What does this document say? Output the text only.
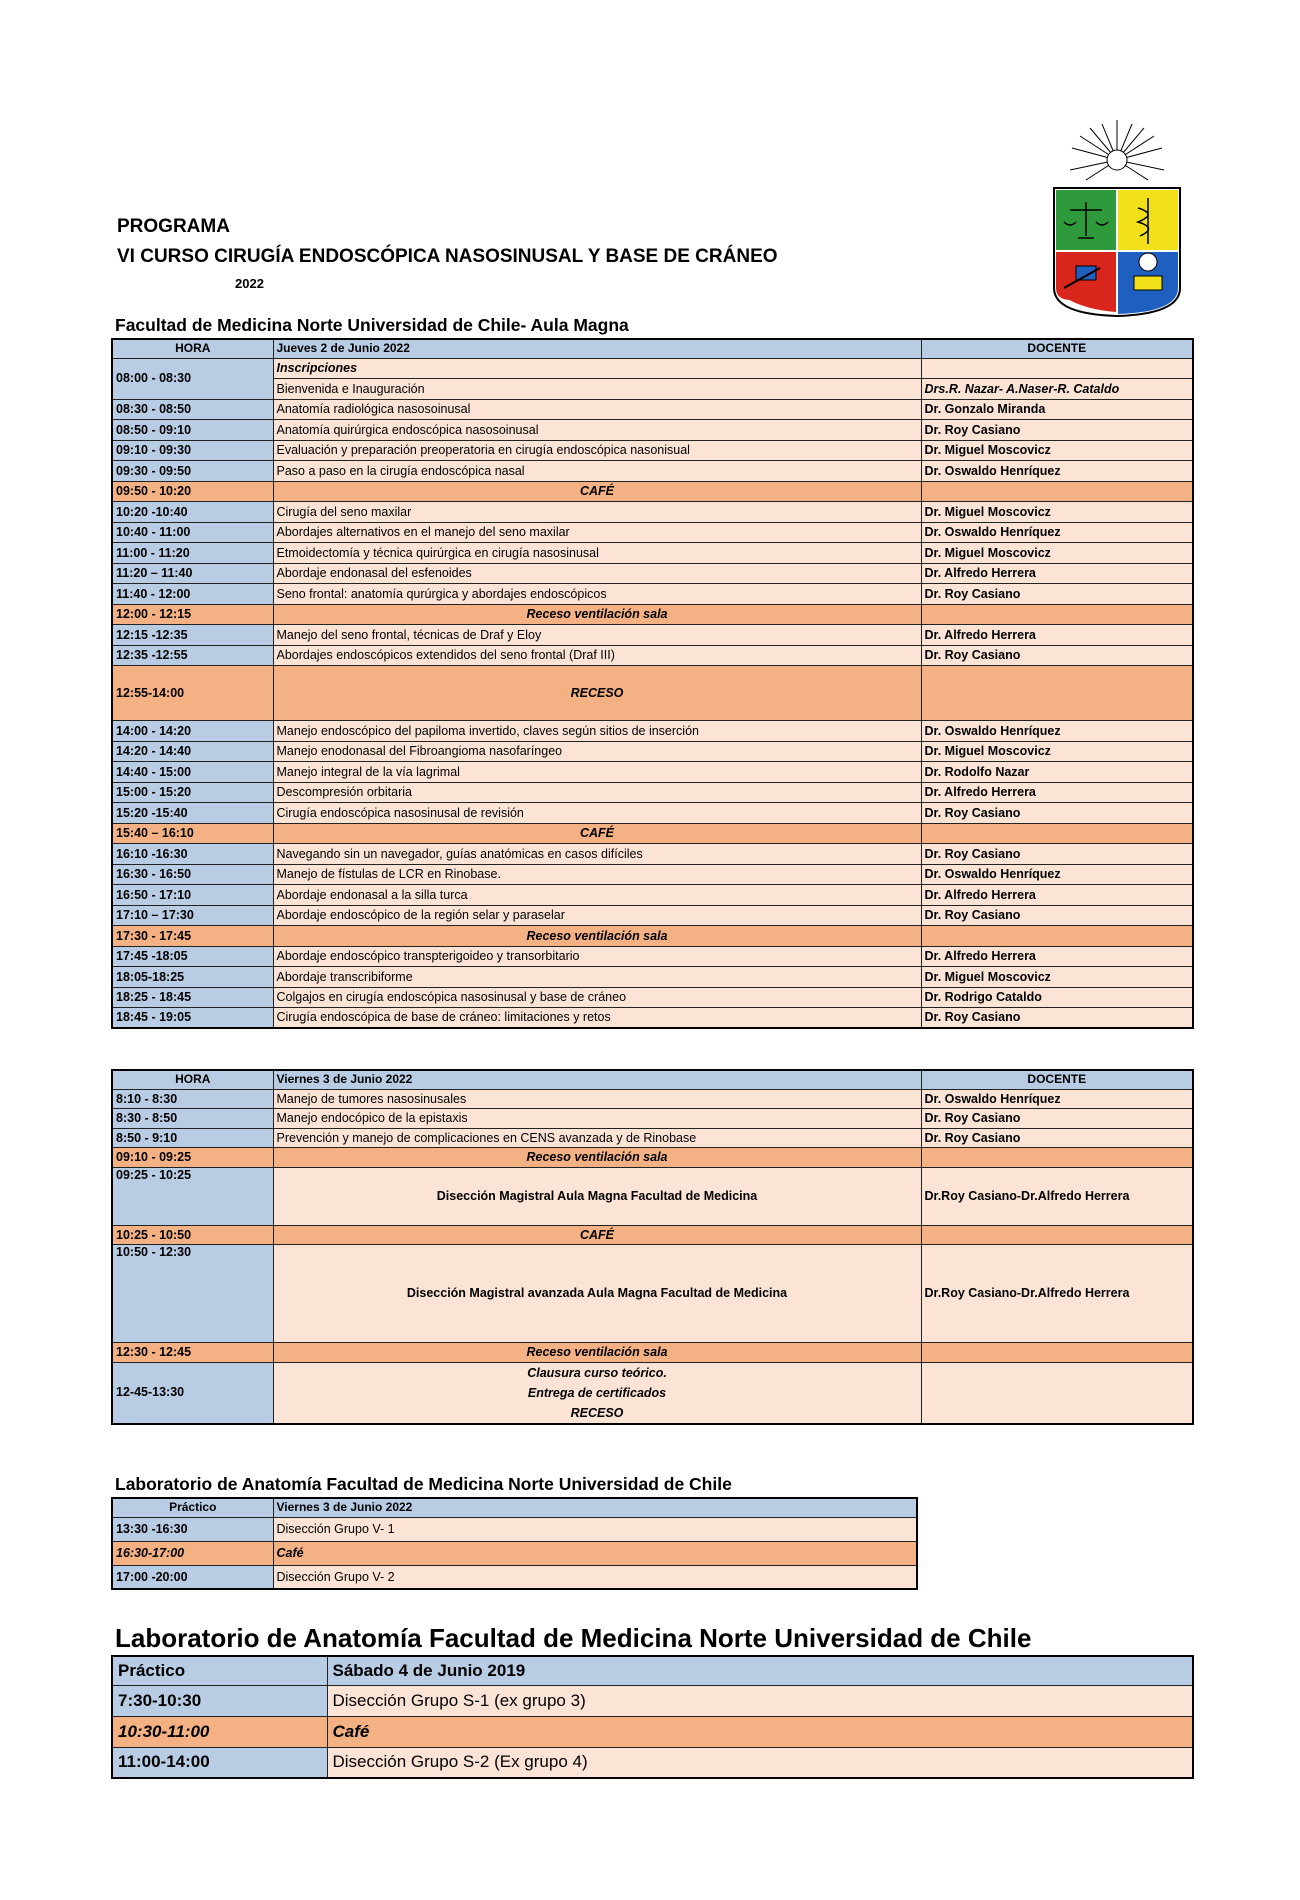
PROGRAMA
VI CURSO CIRUGÍA ENDOSCÓPICA NASOSINUSAL Y BASE DE CRÁNEO
2022
Facultad de Medicina Norte Universidad de Chile- Aula Magna
HORA	Jueves 2 de Junio 2022	DOCENTE
08:00 - 08:30	Inscripciones	
	Bienvenida e Inauguración	Drs.R. Nazar- A.Naser-R. Cataldo
08:30 - 08:50	Anatomía radiológica nasosoinusal	Dr. Gonzalo Miranda
08:50 - 09:10	Anatomía quirúrgica endoscópica nasosoinusal	Dr. Roy Casiano
09:10 - 09:30	Evaluación y preparación preoperatoria en cirugía endoscópica nasonisual	Dr. Miguel Moscovicz
09:30 - 09:50	Paso a paso en la cirugía endoscópica nasal	Dr. Oswaldo Henríquez
09:50 - 10:20	CAFÉ	
10:20 -10:40	Cirugía del seno maxilar	Dr. Miguel Moscovicz
10:40 - 11:00	Abordajes alternativos en el manejo del seno maxilar	Dr. Oswaldo Henríquez
11:00 - 11:20	Etmoidectomía y técnica quirúrgica en cirugía nasosinusal	Dr. Miguel Moscovicz
11:20 – 11:40	Abordaje endonasal del esfenoides	Dr. Alfredo Herrera
11:40 - 12:00	Seno frontal: anatomía qurúrgica y abordajes endoscópicos	Dr. Roy Casiano
12:00 - 12:15	Receso ventilación sala	
12:15 -12:35	Manejo del seno frontal, técnicas de Draf y Eloy	Dr. Alfredo Herrera
12:35 -12:55	Abordajes endoscópicos extendidos del seno frontal (Draf III)	Dr. Roy Casiano
12:55-14:00	RECESO	
14:00 - 14:20	Manejo endoscópico del papiloma invertido, claves según sitios de inserción	Dr. Oswaldo Henríquez
14:20 - 14:40	Manejo enodonasal del Fibroangioma nasofaríngeo	Dr. Miguel Moscovicz
14:40 - 15:00	Manejo integral de la vía lagrimal	Dr. Rodolfo Nazar
15:00 - 15:20	Descompresión orbitaria	Dr. Alfredo Herrera
15:20 -15:40	Cirugía endoscópica nasosinusal de revisión	Dr. Roy Casiano
15:40 – 16:10	CAFÉ	
16:10 -16:30	Navegando sin un navegador, guías anatómicas en casos difíciles	Dr. Roy Casiano
16:30 - 16:50	Manejo de fístulas de LCR en Rinobase.	Dr. Oswaldo Henríquez
16:50 - 17:10	Abordaje endonasal a la silla turca	Dr. Alfredo Herrera
17:10 – 17:30	Abordaje endoscópico de la región selar y paraselar	Dr. Roy Casiano
17:30 - 17:45	Receso ventilación sala	
17:45 -18:05	Abordaje endoscópico transpterigoideo y transorbitario	Dr. Alfredo Herrera
18:05-18:25	Abordaje transcribiforme	Dr. Miguel Moscovicz
18:25 - 18:45	Colgajos en cirugía endoscópica nasosinusal y base de cráneo	Dr. Rodrigo Cataldo
18:45 - 19:05	Cirugía endoscópica de base de cráneo: limitaciones y retos	Dr. Roy Casiano
HORA	Viernes 3 de Junio 2022	DOCENTE
8:10 - 8:30	Manejo de tumores nasosinusales	Dr. Oswaldo Henríquez
8:30 - 8:50	Manejo endocópico de la epistaxis	Dr. Roy Casiano
8:50 - 9:10	Prevención y manejo de complicaciones en CENS avanzada y de Rinobase	Dr. Roy Casiano
09:10 - 09:25	Receso ventilación sala	
09:25 - 10:25	Disección Magistral Aula Magna Facultad de Medicina	Dr.Roy Casiano-Dr.Alfredo Herrera
10:25 - 10:50	CAFÉ	
10:50 - 12:30	Disección Magistral avanzada Aula Magna Facultad de Medicina	Dr.Roy Casiano-Dr.Alfredo Herrera
12:30 - 12:45	Receso ventilación sala	
12-45-13:30	Clausura curso teórico.
Entrega de certificados
RECESO	

Laboratorio de Anatomía Facultad de Medicina Norte Universidad de Chile
Práctico	Viernes 3 de Junio 2022
13:30 -16:30	Disección Grupo V- 1
16:30-17:00	Café
17:00 -20:00	Disección Grupo V- 2
Laboratorio de Anatomía Facultad de Medicina Norte Universidad de Chile
Práctico	Sábado 4 de Junio 2019
7:30-10:30	Disección Grupo S-1 (ex grupo 3)
10:30-11:00	Café
11:00-14:00	Disección Grupo S-2 (Ex grupo 4)
